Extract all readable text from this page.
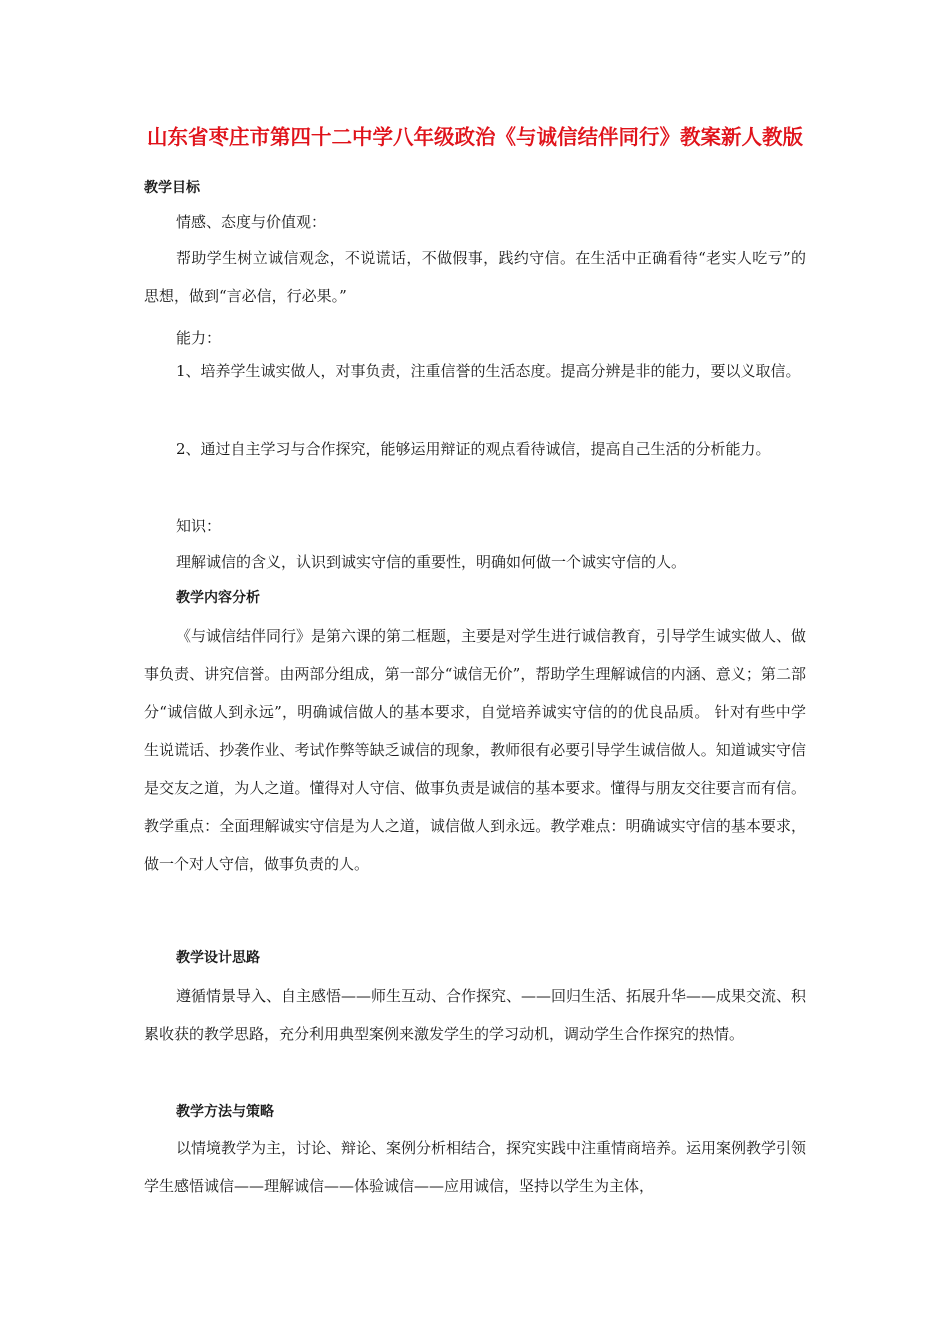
山东省枣庄市第四十二中学八年级政治《与诚信结伴同行》教案新人教版
教学目标

情感、态度与价值观：

帮助学生树立诚信观念，不说谎话，不做假事，践约守信。在生活中正确看待“老实人吃亏”的思想，做到“言必信，行必果。”

能力：

1、培养学生诚实做人，对事负责，注重信誉的生活态度。提高分辨是非的能力，要以义取信。

2、通过自主学习与合作探究，能够运用辩证的观点看待诚信，提高自己生活的分析能力。

知识：

理解诚信的含义，认识到诚实守信的重要性，明确如何做一个诚实守信的人。

教学内容分析

《与诚信结伴同行》是第六课的第二框题，主要是对学生进行诚信教育，引导学生诚实做人、做事负责、讲究信誉。由两部分组成，第一部分“诚信无价”，帮助学生理解诚信的内涵、意义；第二部分“诚信做人到永远”，明确诚信做人的基本要求，自觉培养诚实守信的的优良品质。 针对有些中学生说谎话、抄袭作业、考试作弊等缺乏诚信的现象，教师很有必要引导学生诚信做人。知道诚实守信是交友之道，为人之道。懂得对人守信、做事负责是诚信的基本要求。懂得与朋友交往要言而有信。教学重点：全面理解诚实守信是为人之道，诚信做人到永远。教学难点：明确诚实守信的基本要求，做一个对人守信，做事负责的人。

教学设计思路

遵循情景导入、自主感悟——师生互动、合作探究、——回归生活、拓展升华——成果交流、积累收获的教学思路，充分利用典型案例来激发学生的学习动机，调动学生合作探究的热情。

教学方法与策略

以情境教学为主，讨论、辩论、案例分析相结合，探究实践中注重情商培养。运用案例教学引领学生感悟诚信——理解诚信——体验诚信——应用诚信，坚持以学生为主体，
